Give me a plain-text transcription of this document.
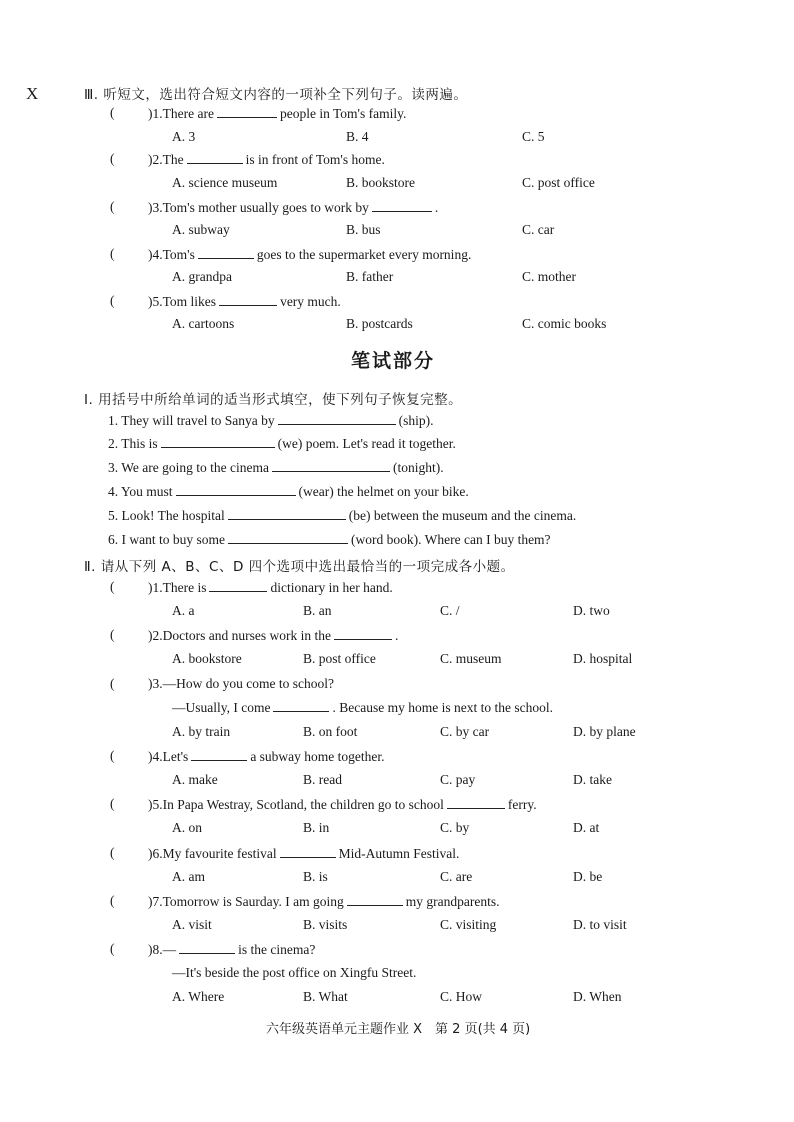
X	Ⅲ. 听短文，选出符合短文内容的一项补全下列句子。读两遍。
( )1.There are	people in Tom's family.
A. 3	B. 4	C. 5
( )2.The	is in front of Tom's home.
A. science museum	B. bookstore	C. post office
( )3.Tom's mother usually goes to work by	.
A. subway	B. bus	C. car
( )4.Tom's	goes to the supermarket every morning.
A. grandpa	B. father	C. mother
( )5.Tom likes	very much.
A. cartoons	B. postcards	C. comic books
笔试部分
Ⅰ. 用括号中所给单词的适当形式填空，使下列句子恢复完整。
1. They will travel to Sanya by	(ship).
2. This is	(we) poem. Let's read it together.
3. We are going to the cinema	(tonight).
4. You must	(wear) the helmet on your bike.
5. Look! The hospital	(be) between the museum and the cinema.
6. I want to buy some	(word book). Where can I buy them?
Ⅱ. 请从下列 A、B、C、D 四个选项中选出最恰当的一项完成各小题。
( )1.There is	dictionary in her hand.
A. a	B. an	C. /	D. two
( )2.Doctors and nurses work in the	.
A. bookstore	B. post office	C. museum	D. hospital
( )3.—How do you come to school?
—Usually, I come	. Because my home is next to the school.
A. by train	B. on foot	C. by car	D. by plane
( )4.Let's	a subway home together.
A. make	B. read	C. pay	D. take
( )5.In Papa Westray, Scotland, the children go to school	ferry.
A. on	B. in	C. by	D. at
( )6.My favourite festival	Mid-Autumn Festival.
A. am	B. is	C. are	D. be
( )7.Tomorrow is Saurday. I am going	my grandparents.
A. visit	B. visits	C. visiting	D. to visit
( )8.—	is the cinema?
—It's beside the post office on Xingfu Street.
A. Where	B. What	C. How	D. When
六年级英语单元主题作业 X　第 2 页(共 4 页)
